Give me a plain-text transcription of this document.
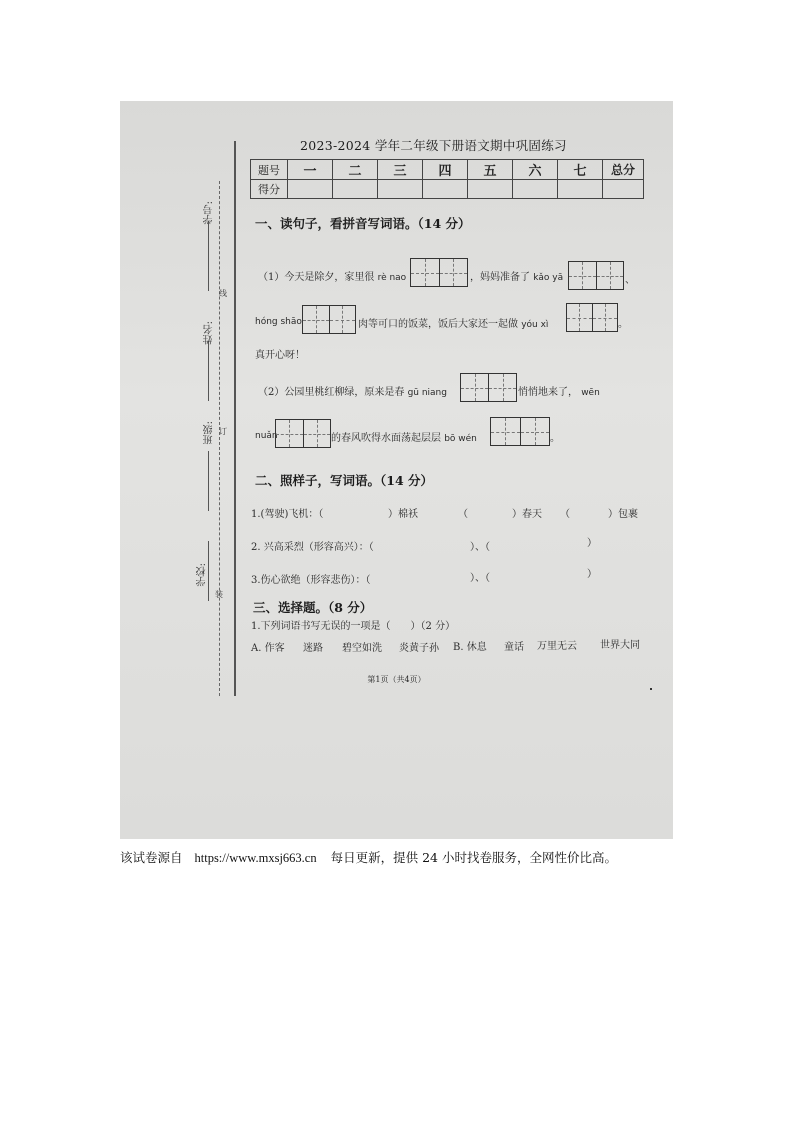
学号:
姓名:
班级:
学校:
线
订
装
2023-2024 学年二年级下册语文期中巩固练习
题号	一	二	三	四	五	六	七	总分
得分								
一、读句子，看拼音写词语。（14 分）
（1）今天是除夕，家里很 rè nao	，妈妈准备了 kǎo yā	、
hóng shāo	肉等可口的饭菜，饭后大家还一起做 yóu xì	。
真开心呀！
（2）公园里桃红柳绿，原来是春 gū niang	悄悄地来了， wēn
nuǎn	的春风吹得水面荡起层层 bō wén	。
二、照样子，写词语。（14 分）
1.(驾驶)飞机：（	）棉袄	（	）春天 （	）包裹
2. 兴高采烈（形容高兴）：（	）、（	）
3.伤心欲绝（形容悲伤）：（	）、（	）
三、选择题。（8 分）
1.下列词语书写无误的一项是（　　）（2 分）
A. 作客 迷路 碧空如洗 炎黄子孙 B. 休息 童话 万里无云 世界大同
第1页（共4页）
该试卷源自 https://www.mxsj663.cn 每日更新，提供 24 小时找卷服务，全网性价比高。
